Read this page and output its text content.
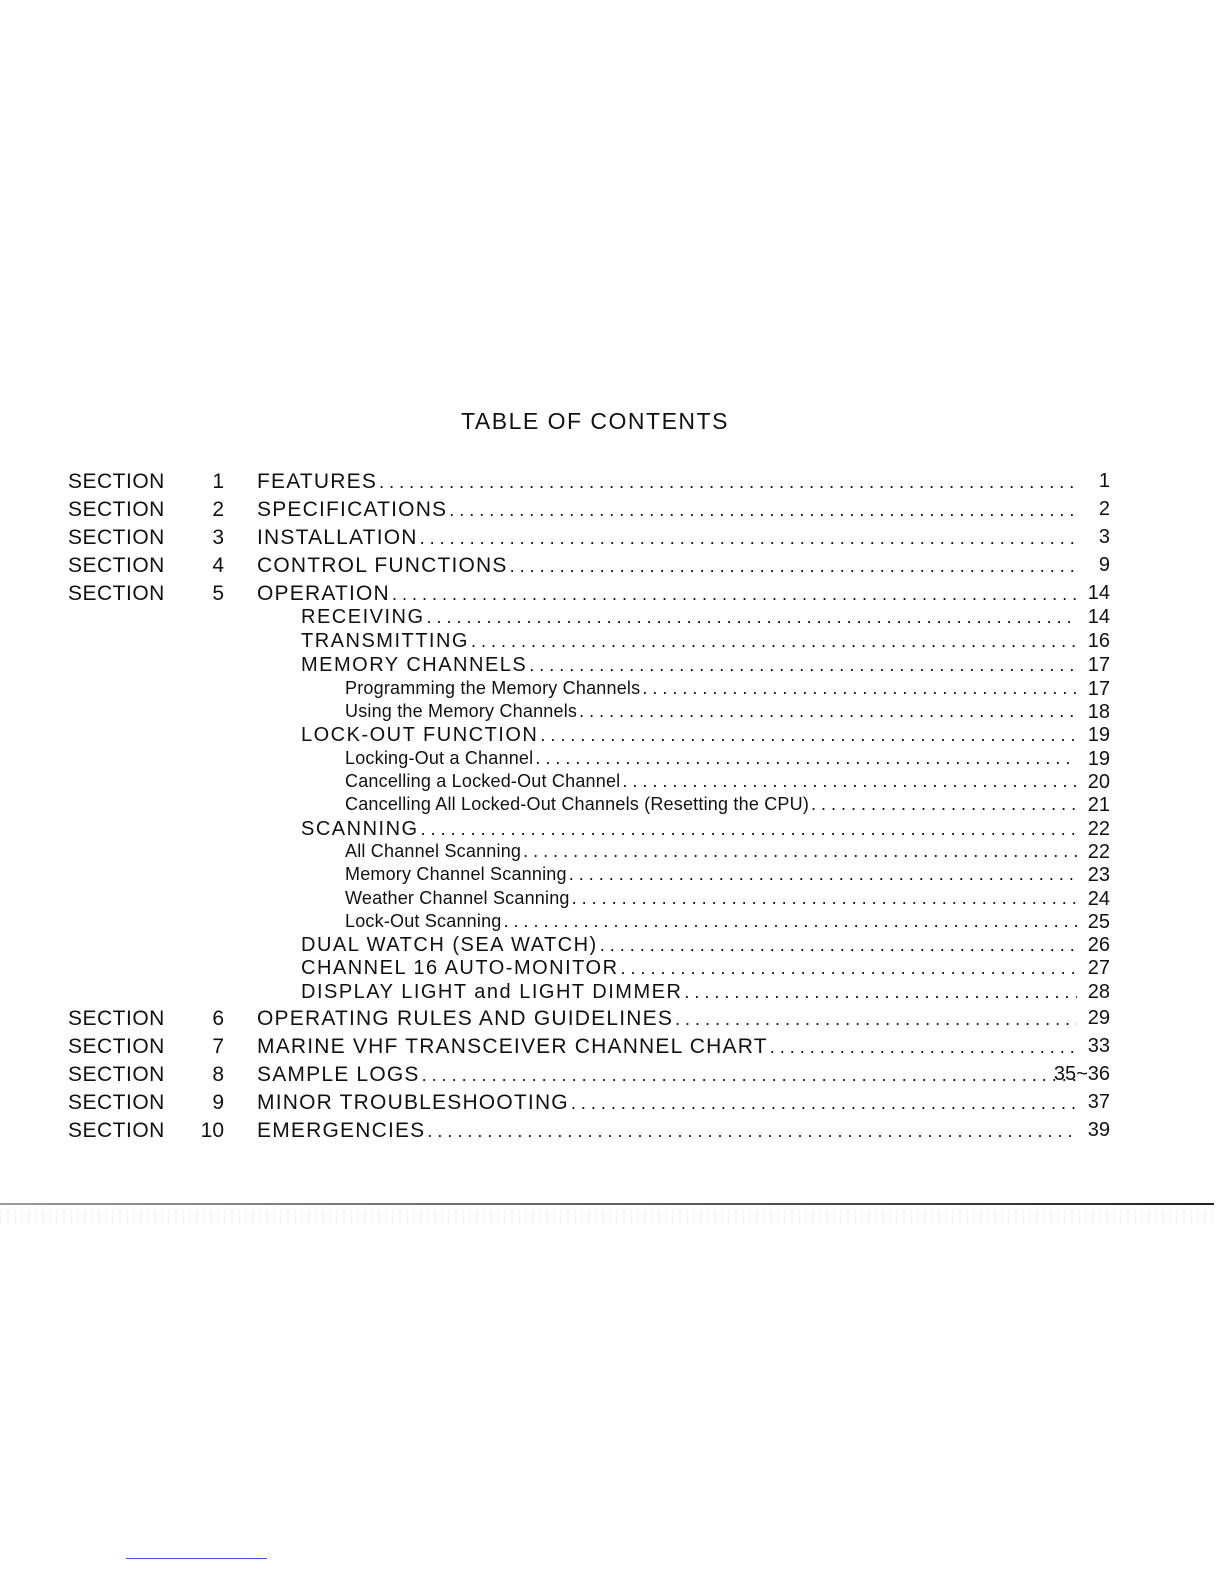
TABLE OF CONTENTS
SECTION	1 FEATURES . . .	1
SECTION	2 SPECIFICATIONS . . .	2
SECTION	3 INSTALLATION . . .	3
SECTION	4 CONTROL FUNCTIONS . . .	9
SECTION	5 OPERATION . . .	14
RECEIVING . . .	14
TRANSMITTING . . .	16
MEMORY CHANNELS . . .	17
Programming the Memory Channels . . .	17
Using the Memory Channels . . .	18
LOCK-OUT FUNCTION . . .	19
Locking-Out a Channel . . .	19
Cancelling a Locked-Out Channel . . .	20
Cancelling All Locked-Out Channels (Resetting the CPU) . . .	21
SCANNING . . .	22
All Channel Scanning . . .	22
Memory Channel Scanning . . .	23
Weather Channel Scanning . . .	24
Lock-Out Scanning . . .	25
DUAL WATCH (SEA WATCH) . . .	26
CHANNEL 16 AUTO-MONITOR . . .	27
DISPLAY LIGHT and LIGHT DIMMER . . .	28
SECTION	6 OPERATING RULES AND GUIDELINES . . .	29
SECTION	7 MARINE VHF TRANSCEIVER CHANNEL CHART . . .	33
SECTION	8 SAMPLE LOGS . . .	35~36
SECTION	9 MINOR TROUBLESHOOTING . . .	37
SECTION	10 EMERGENCIES . . .	39
